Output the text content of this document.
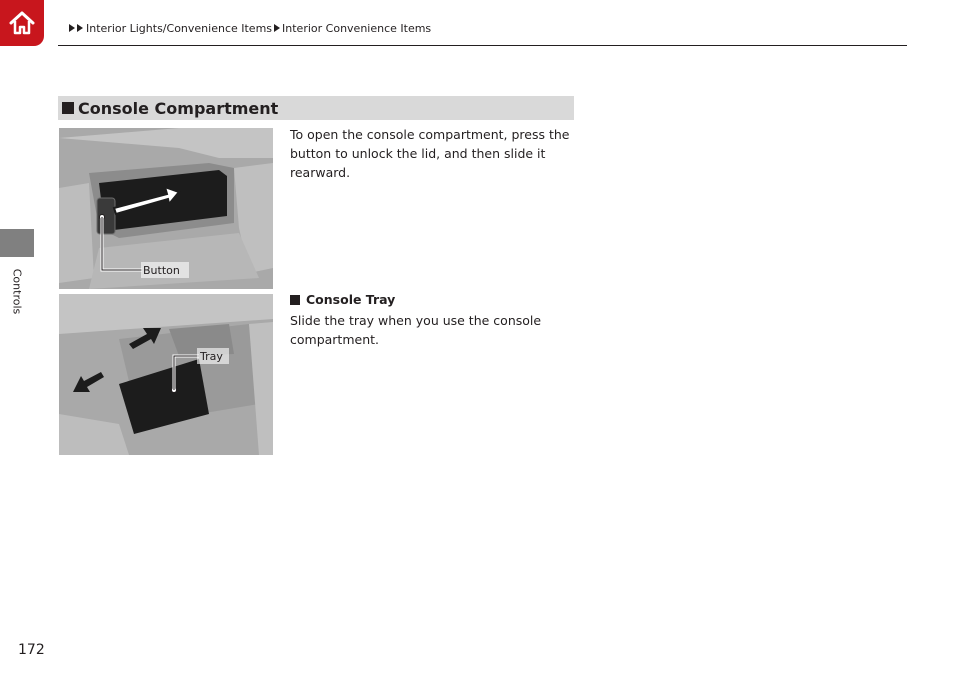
Interior Lights/Convenience Items Interior Convenience Items
Controls
Console Compartment
Button
Tray
To open the console compartment, press the button to unlock the lid, and then slide it rearward.
Console Tray
Slide the tray when you use the console compartment.
172
